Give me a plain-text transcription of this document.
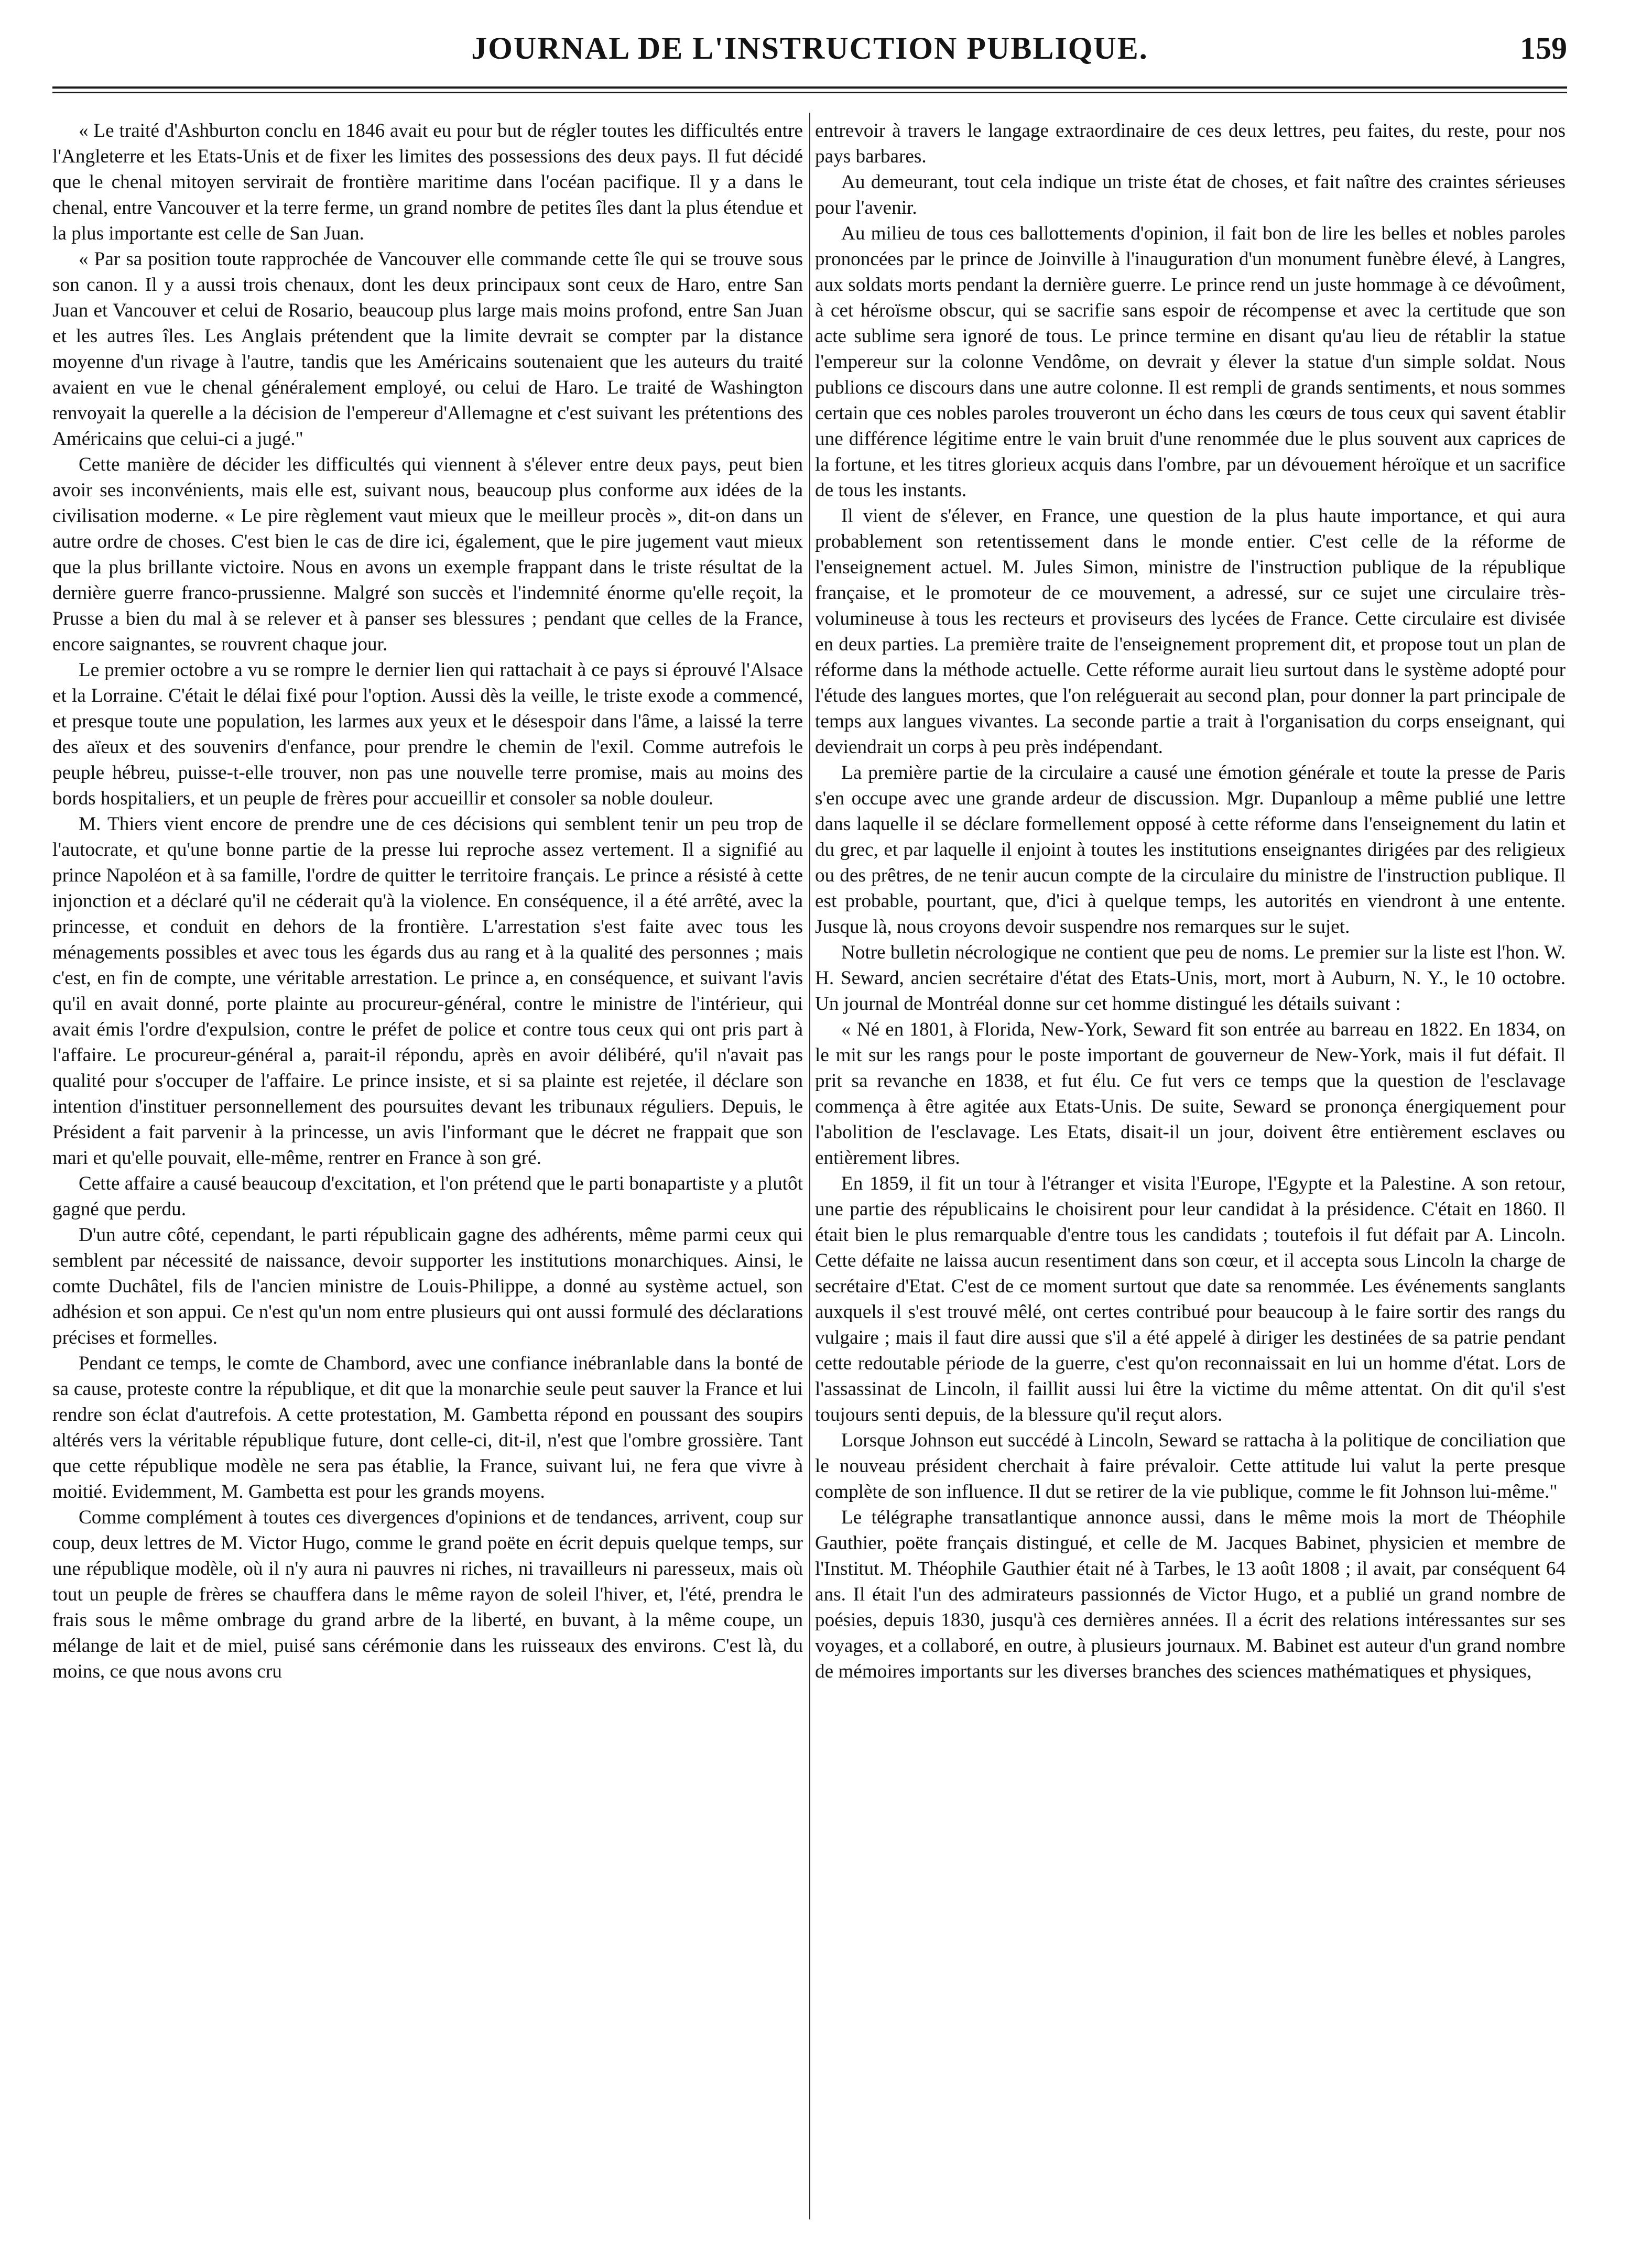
JOURNAL DE L'INSTRUCTION PUBLIQUE.	159

« Le traité d'Ashburton conclu en 1846 avait eu pour but de régler toutes les difficultés entre l'Angleterre et les Etats-Unis et de fixer les limites des possessions des deux pays. Il fut décidé que le chenal mitoyen servirait de frontière maritime dans l'océan pacifique. Il y a dans le chenal, entre Vancouver et la terre ferme, un grand nombre de petites îles dant la plus étendue et la plus importante est celle de San Juan.

« Par sa position toute rapprochée de Vancouver elle commande cette île qui se trouve sous son canon. Il y a aussi trois chenaux, dont les deux principaux sont ceux de Haro, entre San Juan et Vancouver et celui de Rosario, beaucoup plus large mais moins profond, entre San Juan et les autres îles. Les Anglais prétendent que la limite devrait se compter par la distance moyenne d'un rivage à l'autre, tandis que les Américains soutenaient que les auteurs du traité avaient en vue le chenal généralement employé, ou celui de Haro. Le traité de Washington renvoyait la querelle a la décision de l'empereur d'Allemagne et c'est suivant les prétentions des Américains que celui-ci a jugé."

Cette manière de décider les difficultés qui viennent à s'élever entre deux pays, peut bien avoir ses inconvénients, mais elle est, suivant nous, beaucoup plus conforme aux idées de la civilisation moderne. « Le pire règlement vaut mieux que le meilleur procès », dit-on dans un autre ordre de choses. C'est bien le cas de dire ici, également, que le pire jugement vaut mieux que la plus brillante victoire. Nous en avons un exemple frappant dans le triste résultat de la dernière guerre franco-prussienne. Malgré son succès et l'indemnité énorme qu'elle reçoit, la Prusse a bien du mal à se relever et à panser ses blessures ; pendant que celles de la France, encore saignantes, se rouvrent chaque jour.

Le premier octobre a vu se rompre le dernier lien qui rattachait à ce pays si éprouvé l'Alsace et la Lorraine. C'était le délai fixé pour l'option. Aussi dès la veille, le triste exode a commencé, et presque toute une population, les larmes aux yeux et le désespoir dans l'âme, a laissé la terre des aïeux et des souvenirs d'enfance, pour prendre le chemin de l'exil. Comme autrefois le peuple hébreu, puisse-t-elle trouver, non pas une nouvelle terre promise, mais au moins des bords hospitaliers, et un peuple de frères pour accueillir et consoler sa noble douleur.

M. Thiers vient encore de prendre une de ces décisions qui semblent tenir un peu trop de l'autocrate, et qu'une bonne partie de la presse lui reproche assez vertement. Il a signifié au prince Napoléon et à sa famille, l'ordre de quitter le territoire français. Le prince a résisté à cette injonction et a déclaré qu'il ne céderait qu'à la violence. En conséquence, il a été arrêté, avec la princesse, et conduit en dehors de la frontière. L'arrestation s'est faite avec tous les ménagements possibles et avec tous les égards dus au rang et à la qualité des personnes ; mais c'est, en fin de compte, une véritable arrestation. Le prince a, en conséquence, et suivant l'avis qu'il en avait donné, porte plainte au procureur-général, contre le ministre de l'intérieur, qui avait émis l'ordre d'expulsion, contre le préfet de police et contre tous ceux qui ont pris part à l'affaire. Le procureur-général a, parait-il répondu, après en avoir délibéré, qu'il n'avait pas qualité pour s'occuper de l'affaire. Le prince insiste, et si sa plainte est rejetée, il déclare son intention d'instituer personnellement des poursuites devant les tribunaux réguliers. Depuis, le Président a fait parvenir à la princesse, un avis l'informant que le décret ne frappait que son mari et qu'elle pouvait, elle-même, rentrer en France à son gré.

Cette affaire a causé beaucoup d'excitation, et l'on prétend que le parti bonapartiste y a plutôt gagné que perdu.

D'un autre côté, cependant, le parti républicain gagne des adhérents, même parmi ceux qui semblent par nécessité de naissance, devoir supporter les institutions monarchiques. Ainsi, le comte Duchâtel, fils de l'ancien ministre de Louis-Philippe, a donné au système actuel, son adhésion et son appui. Ce n'est qu'un nom entre plusieurs qui ont aussi formulé des déclarations précises et formelles.

Pendant ce temps, le comte de Chambord, avec une confiance inébranlable dans la bonté de sa cause, proteste contre la république, et dit que la monarchie seule peut sauver la France et lui rendre son éclat d'autrefois. A cette protestation, M. Gambetta répond en poussant des soupirs altérés vers la véritable république future, dont celle-ci, dit-il, n'est que l'ombre grossière. Tant que cette république modèle ne sera pas établie, la France, suivant lui, ne fera que vivre à moitié. Evidemment, M. Gambetta est pour les grands moyens.

Comme complément à toutes ces divergences d'opinions et de tendances, arrivent, coup sur coup, deux lettres de M. Victor Hugo, comme le grand poëte en écrit depuis quelque temps, sur une république modèle, où il n'y aura ni pauvres ni riches, ni travailleurs ni paresseux, mais où tout un peuple de frères se chauffera dans le même rayon de soleil l'hiver, et, l'été, prendra le frais sous le même ombrage du grand arbre de la liberté, en buvant, à la même coupe, un mélange de lait et de miel, puisé sans cérémonie dans les ruisseaux des environs. C'est là, du moins, ce que nous avons cru

entrevoir à travers le langage extraordinaire de ces deux lettres, peu faites, du reste, pour nos pays barbares.

Au demeurant, tout cela indique un triste état de choses, et fait naître des craintes sérieuses pour l'avenir.

Au milieu de tous ces ballottements d'opinion, il fait bon de lire les belles et nobles paroles prononcées par le prince de Joinville à l'inauguration d'un monument funèbre élevé, à Langres, aux soldats morts pendant la dernière guerre. Le prince rend un juste hommage à ce dévoûment, à cet héroïsme obscur, qui se sacrifie sans espoir de récompense et avec la certitude que son acte sublime sera ignoré de tous. Le prince termine en disant qu'au lieu de rétablir la statue l'empereur sur la colonne Vendôme, on devrait y élever la statue d'un simple soldat. Nous publions ce discours dans une autre colonne. Il est rempli de grands sentiments, et nous sommes certain que ces nobles paroles trouveront un écho dans les cœurs de tous ceux qui savent établir une différence légitime entre le vain bruit d'une renommée due le plus souvent aux caprices de la fortune, et les titres glorieux acquis dans l'ombre, par un dévouement héroïque et un sacrifice de tous les instants.

Il vient de s'élever, en France, une question de la plus haute importance, et qui aura probablement son retentissement dans le monde entier. C'est celle de la réforme de l'enseignement actuel. M. Jules Simon, ministre de l'instruction publique de la république française, et le promoteur de ce mouvement, a adressé, sur ce sujet une circulaire très-volumineuse à tous les recteurs et proviseurs des lycées de France. Cette circulaire est divisée en deux parties. La première traite de l'enseignement proprement dit, et propose tout un plan de réforme dans la méthode actuelle. Cette réforme aurait lieu surtout dans le système adopté pour l'étude des langues mortes, que l'on reléguerait au second plan, pour donner la part principale de temps aux langues vivantes. La seconde partie a trait à l'organisation du corps enseignant, qui deviendrait un corps à peu près indépendant.

La première partie de la circulaire a causé une émotion générale et toute la presse de Paris s'en occupe avec une grande ardeur de discussion. Mgr. Dupanloup a même publié une lettre dans laquelle il se déclare formellement opposé à cette réforme dans l'enseignement du latin et du grec, et par laquelle il enjoint à toutes les institutions enseignantes dirigées par des religieux ou des prêtres, de ne tenir aucun compte de la circulaire du ministre de l'instruction publique. Il est probable, pourtant, que, d'ici à quelque temps, les autorités en viendront à une entente. Jusque là, nous croyons devoir suspendre nos remarques sur le sujet.

Notre bulletin nécrologique ne contient que peu de noms. Le premier sur la liste est l'hon. W. H. Seward, ancien secrétaire d'état des Etats-Unis, mort, mort à Auburn, N. Y., le 10 octobre. Un journal de Montréal donne sur cet homme distingué les détails suivant :

« Né en 1801, à Florida, New-York, Seward fit son entrée au barreau en 1822. En 1834, on le mit sur les rangs pour le poste important de gouverneur de New-York, mais il fut défait. Il prit sa revanche en 1838, et fut élu. Ce fut vers ce temps que la question de l'esclavage commença à être agitée aux Etats-Unis. De suite, Seward se prononça énergiquement pour l'abolition de l'esclavage. Les Etats, disait-il un jour, doivent être entièrement esclaves ou entièrement libres.

En 1859, il fit un tour à l'étranger et visita l'Europe, l'Egypte et la Palestine. A son retour, une partie des républicains le choisirent pour leur candidat à la présidence. C'était en 1860. Il était bien le plus remarquable d'entre tous les candidats ; toutefois il fut défait par A. Lincoln. Cette défaite ne laissa aucun resentiment dans son cœur, et il accepta sous Lincoln la charge de secrétaire d'Etat. C'est de ce moment surtout que date sa renommée. Les événements sanglants auxquels il s'est trouvé mêlé, ont certes contribué pour beaucoup à le faire sortir des rangs du vulgaire ; mais il faut dire aussi que s'il a été appelé à diriger les destinées de sa patrie pendant cette redoutable période de la guerre, c'est qu'on reconnaissait en lui un homme d'état. Lors de l'assassinat de Lincoln, il faillit aussi lui être la victime du même attentat. On dit qu'il s'est toujours senti depuis, de la blessure qu'il reçut alors.

Lorsque Johnson eut succédé à Lincoln, Seward se rattacha à la politique de conciliation que le nouveau président cherchait à faire prévaloir. Cette attitude lui valut la perte presque complète de son influence. Il dut se retirer de la vie publique, comme le fit Johnson lui-même."

Le télégraphe transatlantique annonce aussi, dans le même mois la mort de Théophile Gauthier, poëte français distingué, et celle de M. Jacques Babinet, physicien et membre de l'Institut. M. Théophile Gauthier était né à Tarbes, le 13 août 1808 ; il avait, par conséquent 64 ans. Il était l'un des admirateurs passionnés de Victor Hugo, et a publié un grand nombre de poésies, depuis 1830, jusqu'à ces dernières années. Il a écrit des relations intéressantes sur ses voyages, et a collaboré, en outre, à plusieurs journaux. M. Babinet est auteur d'un grand nombre de mémoires importants sur les diverses branches des sciences mathématiques et physiques,
